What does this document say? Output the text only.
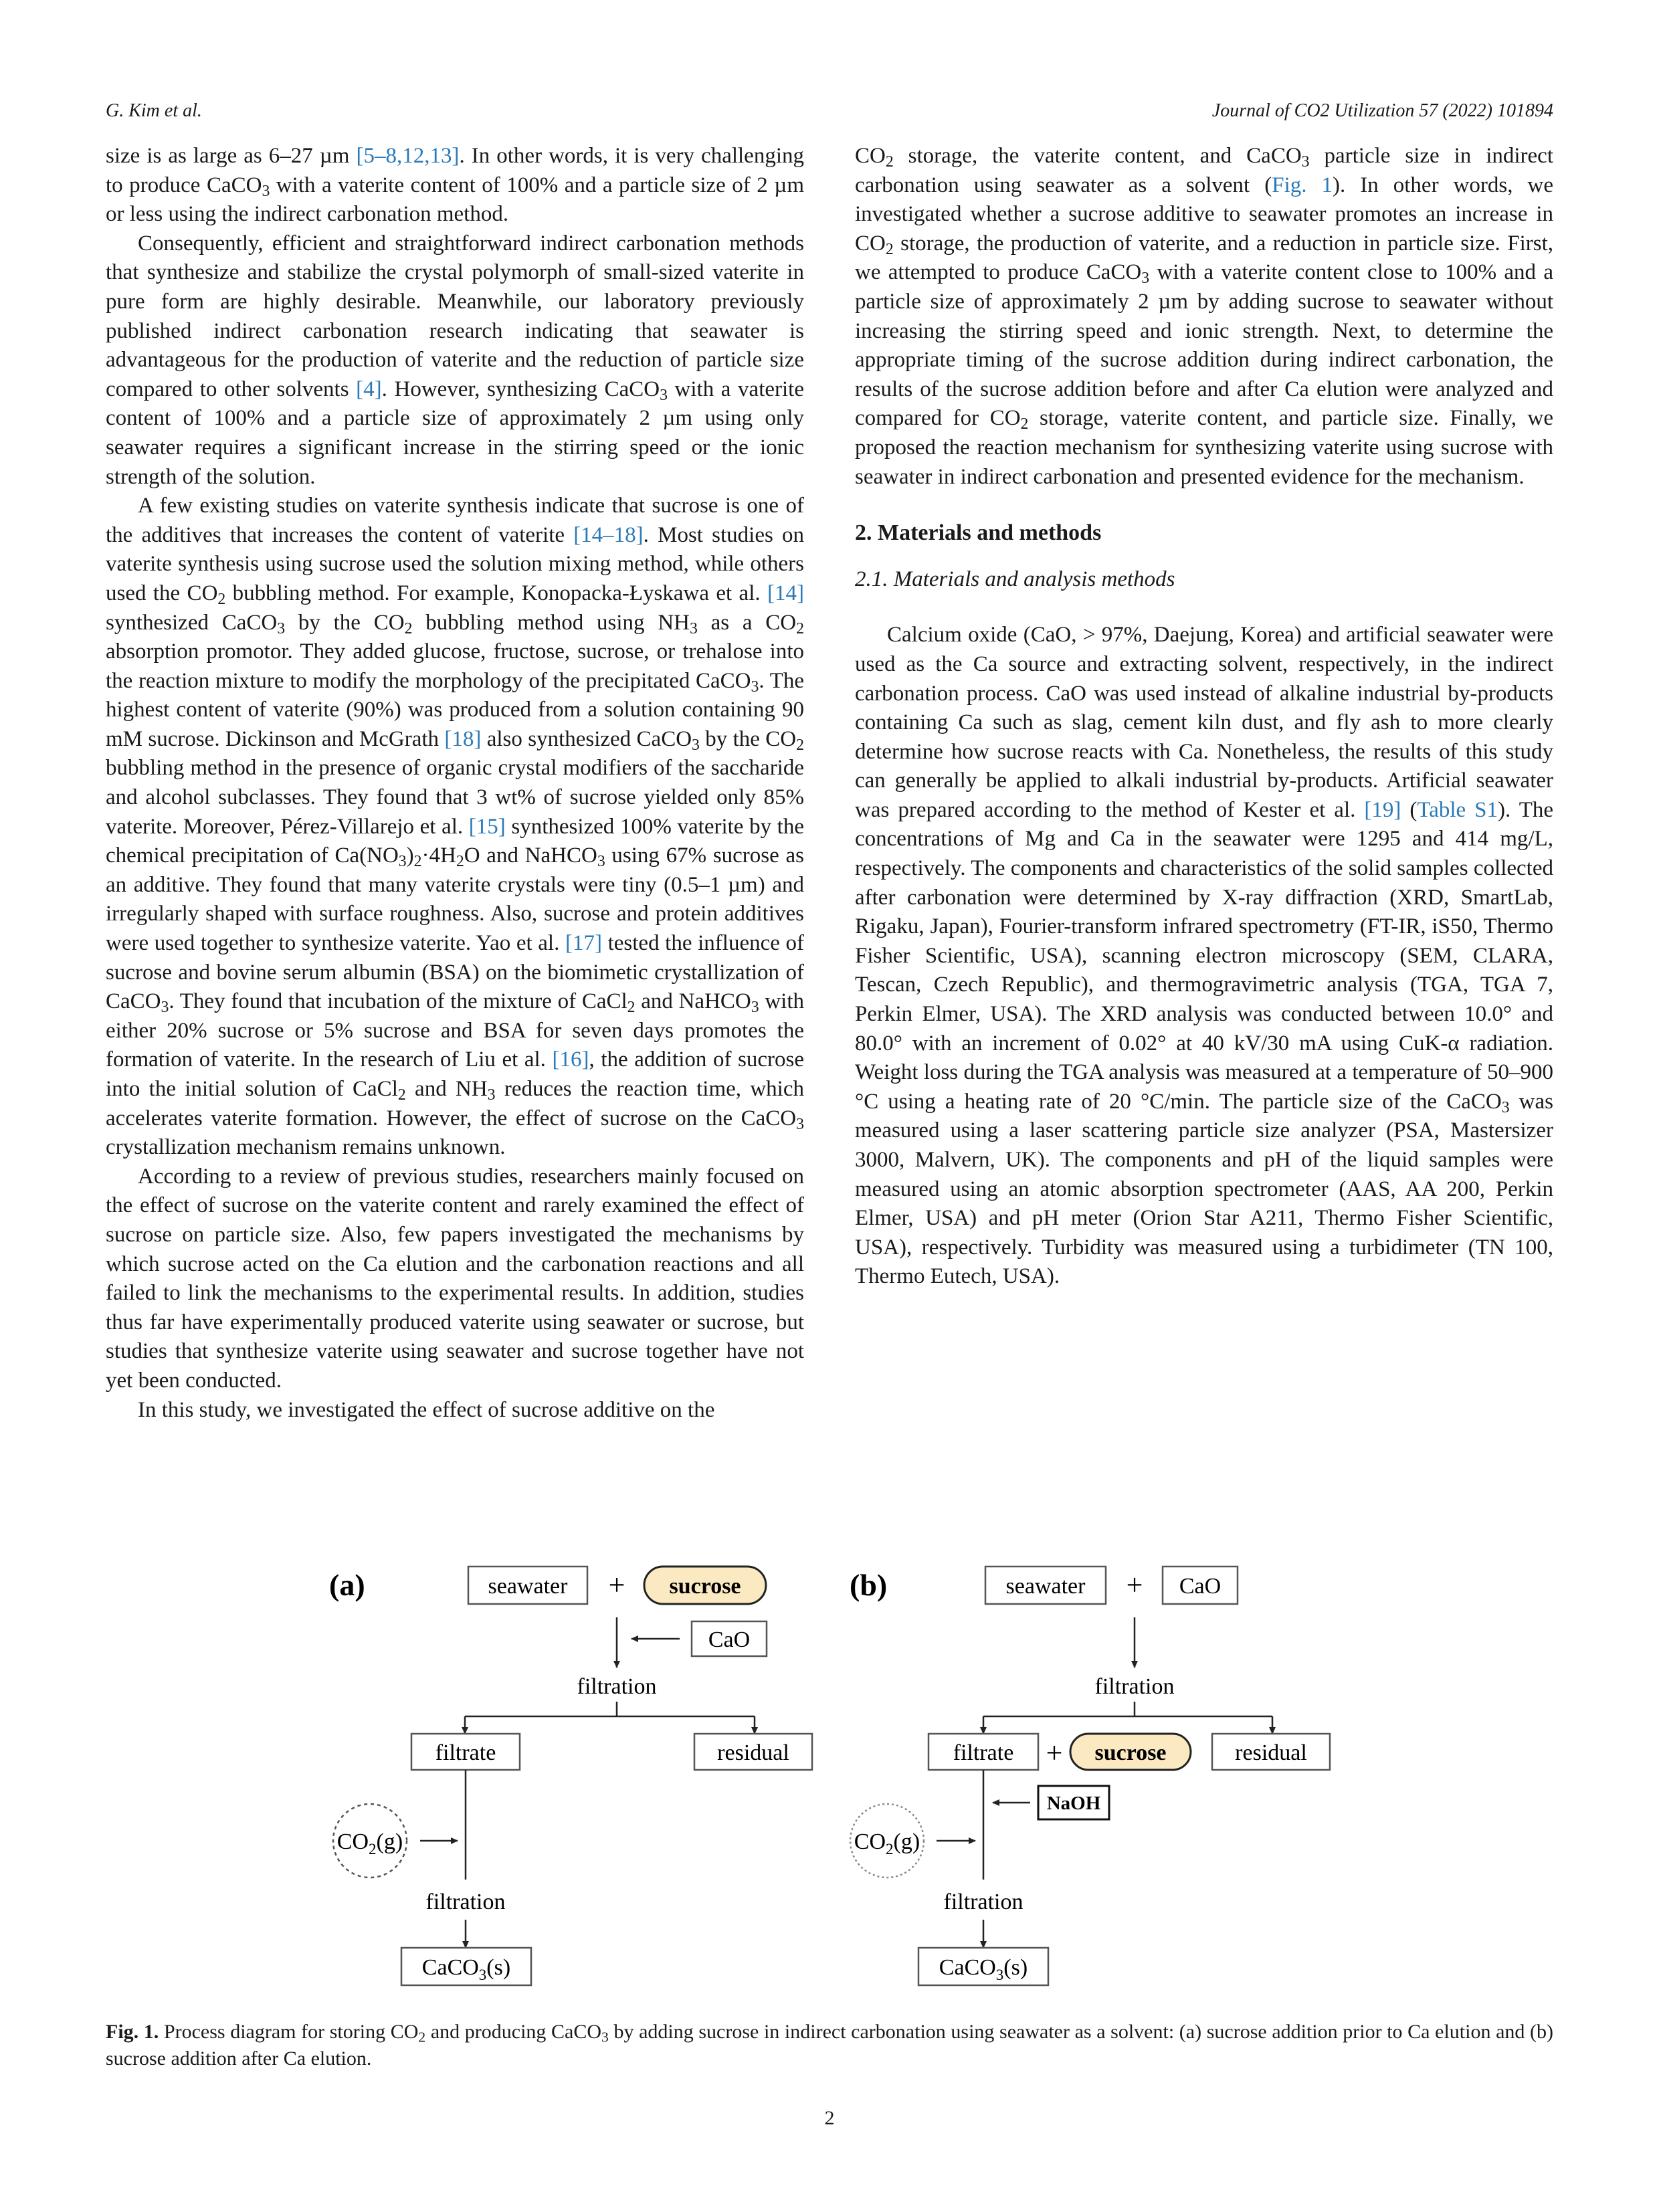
G. Kim et al.	Journal of CO2 Utilization 57 (2022) 101894

size is as large as 6–27 µm [5–8,12,13]. In other words, it is very challenging to produce CaCO$_3$ with a vaterite content of 100% and a particle size of 2 µm or less using the indirect carbonation method.

Consequently, efficient and straightforward indirect carbonation methods that synthesize and stabilize the crystal polymorph of small-sized vaterite in pure form are highly desirable. Meanwhile, our laboratory previously published indirect carbonation research indicating that seawater is advantageous for the production of vaterite and the reduction of particle size compared to other solvents [4]. However, synthesizing CaCO$_3$ with a vaterite content of 100% and a particle size of approximately 2 µm using only seawater requires a significant increase in the stirring speed or the ionic strength of the solution.

A few existing studies on vaterite synthesis indicate that sucrose is one of the additives that increases the content of vaterite [14–18]. Most studies on vaterite synthesis using sucrose used the solution mixing method, while others used the $CO_2$ bubbling method. For example, Konopacka-Łyskawa et al. [14] synthesized CaCO$_3$ by the $CO_2$ bubbling method using $NH_3$ as a $CO_2$ absorption promotor. They added glucose, fructose, sucrose, or trehalose into the reaction mixture to modify the morphology of the precipitated CaCO$_3$. The highest content of vaterite (90%) was produced from a solution containing 90 mM sucrose. Dickinson and McGrath [18] also synthesized CaCO$_3$ by the $CO_2$ bubbling method in the presence of organic crystal modifiers of the saccharide and alcohol subclasses. They found that 3 wt% of sucrose yielded only 85% vaterite. Moreover, Pérez-Villarejo et al. [15] synthesized 100% vaterite by the chemical precipitation of $Ca(NO_3)_2\cdot 4H_2O$ and NaHCO$_3$ using 67% sucrose as an additive. They found that many vaterite crystals were tiny (0.5–1 µm) and irregularly shaped with surface roughness. Also, sucrose and protein additives were used together to synthesize vaterite. Yao et al. [17] tested the influence of sucrose and bovine serum albumin (BSA) on the biomimetic crystallization of CaCO$_3$. They found that incubation of the mixture of CaCl$_2$ and NaHCO$_3$ with either 20% sucrose or 5% sucrose and BSA for seven days promotes the formation of vaterite. In the research of Liu et al. [16], the addition of sucrose into the initial solution of CaCl$_2$ and $NH_3$ reduces the reaction time, which accelerates vaterite formation. However, the effect of sucrose on the CaCO$_3$ crystallization mechanism remains unknown.

According to a review of previous studies, researchers mainly focused on the effect of sucrose on the vaterite content and rarely examined the effect of sucrose on particle size. Also, few papers investigated the mechanisms by which sucrose acted on the Ca elution and the carbonation reactions and all failed to link the mechanisms to the experimental results. In addition, studies thus far have experimentally produced vaterite using seawater or sucrose, but studies that synthesize vaterite using seawater and sucrose together have not yet been conducted.

In this study, we investigated the effect of sucrose additive on the

$CO_2$ storage, the vaterite content, and CaCO$_3$ particle size in indirect carbonation using seawater as a solvent (Fig. 1). In other words, we investigated whether a sucrose additive to seawater promotes an increase in $CO_2$ storage, the production of vaterite, and a reduction in particle size. First, we attempted to produce CaCO$_3$ with a vaterite content close to 100% and a particle size of approximately 2 µm by adding sucrose to seawater without increasing the stirring speed and ionic strength. Next, to determine the appropriate timing of the sucrose addition during indirect carbonation, the results of the sucrose addition before and after Ca elution were analyzed and compared for $CO_2$ storage, vaterite content, and particle size. Finally, we proposed the reaction mechanism for synthesizing vaterite using sucrose with seawater in indirect carbonation and presented evidence for the mechanism.

2. Materials and methods
2.1. Materials and analysis methods

Calcium oxide (CaO, > 97%, Daejung, Korea) and artificial seawater were used as the Ca source and extracting solvent, respectively, in the indirect carbonation process. CaO was used instead of alkaline industrial by-products containing Ca such as slag, cement kiln dust, and fly ash to more clearly determine how sucrose reacts with Ca. Nonetheless, the results of this study can generally be applied to alkali industrial by-products. Artificial seawater was prepared according to the method of Kester et al. [19] (Table S1). The concentrations of Mg and Ca in the seawater were 1295 and 414 mg/L, respectively. The components and characteristics of the solid samples collected after carbonation were determined by X-ray diffraction (XRD, SmartLab, Rigaku, Japan), Fourier-transform infrared spectrometry (FT-IR, iS50, Thermo Fisher Scientific, USA), scanning electron microscopy (SEM, CLARA, Tescan, Czech Republic), and thermogravimetric analysis (TGA, TGA 7, Perkin Elmer, USA). The XRD analysis was conducted between 10.0° and 80.0° with an increment of 0.02° at 40 kV/30 mA using CuK-α radiation. Weight loss during the TGA analysis was measured at a temperature of 50–900 °C using a heating rate of 20 °C/min. The particle size of the CaCO$_3$ was measured using a laser scattering particle size analyzer (PSA, Mastersizer 3000, Malvern, UK). The components and pH of the liquid samples were measured using an atomic absorption spectrometer (AAS, AA 200, Perkin Elmer, USA) and pH meter (Orion Star A211, Thermo Fisher Scientific, USA), respectively. Turbidity was measured using a turbidimeter (TN 100, Thermo Eutech, USA).

(a)	seawater + sucrose
CaO
filtration
filtrate	residual
$CO_2(g)$
filtration
CaCO$_3$(s)
(b)	seawater + CaO
filtration
filtrate + sucrose	residual
NaOH
$CO_2(g)$
filtration
CaCO$_3$(s)
Fig. 1. Process diagram for storing $CO_2$ and producing CaCO$_3$ by adding sucrose in indirect carbonation using seawater as a solvent: (a) sucrose addition prior to Ca elution and (b) sucrose addition after Ca elution.
2
